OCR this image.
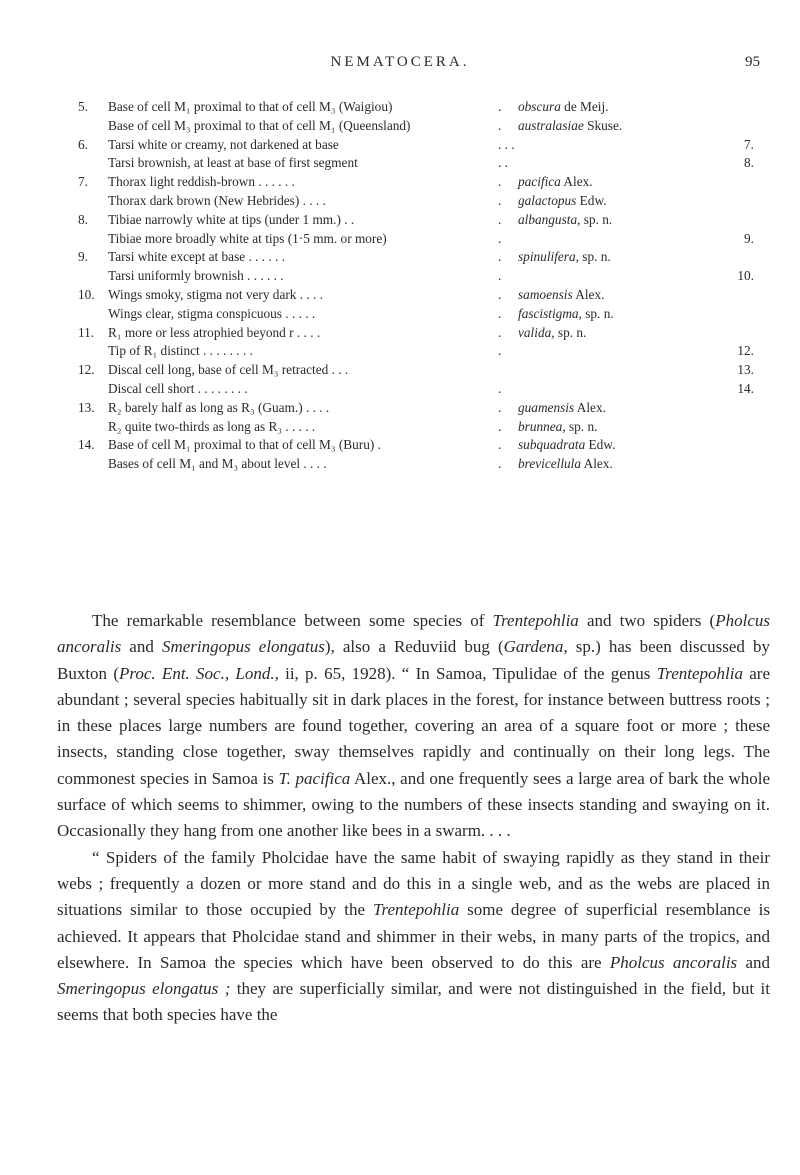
NEMATOCERA.	95
5.	Base of cell M₁ proximal to that of cell M₃ (Waigiou)	. obscura de Meij.
Base of cell M₃ proximal to that of cell M₁ (Queensland)	. australasiae Skuse.
6.	Tarsi white or creamy, not darkened at base	. . .	7.
Tarsi brownish, at least at base of first segment	. .	8.
7.	Thorax light reddish-brown . . . . . .	. pacifica Alex.
Thorax dark brown (New Hebrides) . . . .	. galactopus Edw.
8.	Tibiae narrowly white at tips (under 1 mm.) . .	. albangusta, sp. n.
Tibiae more broadly white at tips (1·5 mm. or more)	.	9.
9.	Tarsi white except at base . . . . . .	. spinulifera, sp. n.
Tarsi uniformly brownish . . . . . .	.	10.
10.	Wings smoky, stigma not very dark . . . .	. samoensis Alex.
Wings clear, stigma conspicuous . . . . .	. fascistigma, sp. n.
11.	R₁ more or less atrophied beyond r . . . .	. valida, sp. n.
Tip of R₁ distinct . . . . . . . .	.	12.
12.	Discal cell long, base of cell M₃ retracted . . .	13.
Discal cell short . . . . . . . .	.	14.
13.	R₂ barely half as long as R₃ (Guam.) . . . .	. guamensis Alex.
R₂ quite two-thirds as long as R₃ . . . . .	. brunnea, sp. n.
14.	Base of cell M₁ proximal to that of cell M₃ (Buru) .	. subquadrata Edw.
Bases of cell M₁ and M₃ about level . . . .	. brevicellula Alex.

The remarkable resemblance between some species of Trentepohlia and two spiders (Pholcus ancoralis and Smeringopus elongatus), also a Reduviid bug (Gardena, sp.) has been discussed by Buxton (Proc. Ent. Soc., Lond., ii, p. 65, 1928). “ In Samoa, Tipulidae of the genus Trentepohlia are abundant ; several species habitually sit in dark places in the forest, for instance between buttress roots ; in these places large numbers are found together, covering an area of a square foot or more ; these insects, standing close together, sway themselves rapidly and continually on their long legs. The commonest species in Samoa is T. pacifica Alex., and one frequently sees a large area of bark the whole surface of which seems to shimmer, owing to the numbers of these insects standing and swaying on it. Occasionally they hang from one another like bees in a swarm. . . .

“ Spiders of the family Pholcidae have the same habit of swaying rapidly as they stand in their webs ; frequently a dozen or more stand and do this in a single web, and as the webs are placed in situations similar to those occupied by the Trentepohlia some degree of superficial resemblance is achieved. It appears that Pholcidae stand and shimmer in their webs, in many parts of the tropics, and elsewhere. In Samoa the species which have been observed to do this are Pholcus ancoralis and Smeringopus elongatus ; they are superficially similar, and were not distinguished in the field, but it seems that both species have the
